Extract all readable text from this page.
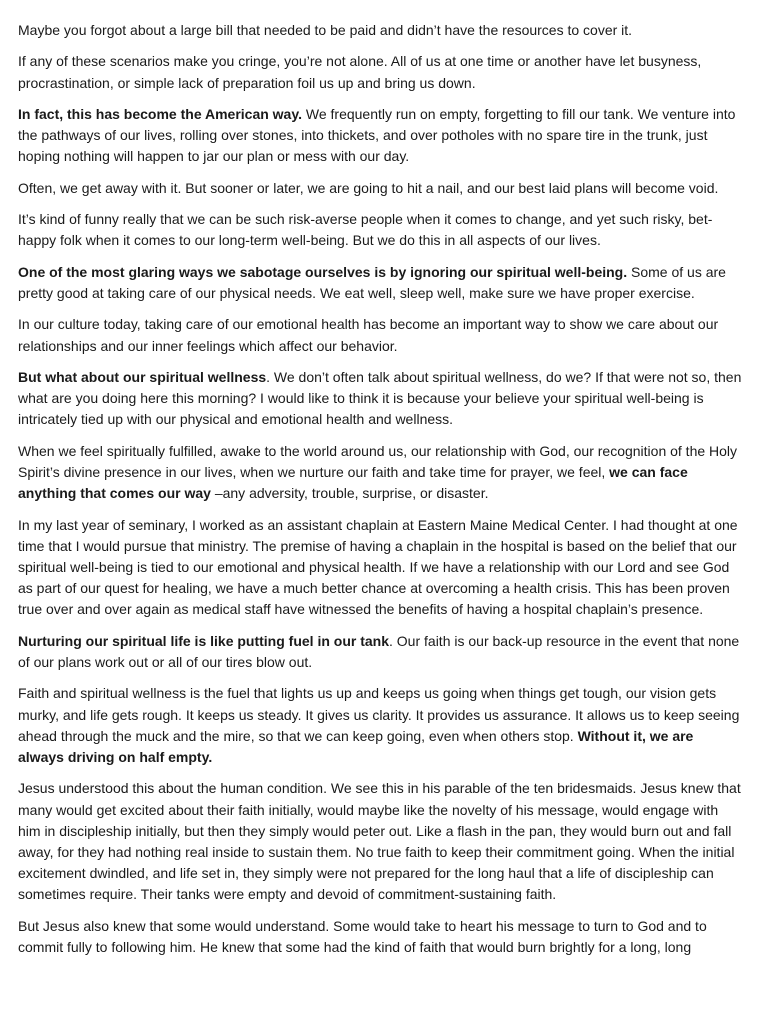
Maybe you forgot about a large bill that needed to be paid and didn’t have the resources to cover it.

If any of these scenarios make you cringe, you’re not alone. All of us at one time or another have let busyness, procrastination, or simple lack of preparation foil us up and bring us down.

In fact, this has become the American way. We frequently run on empty, forgetting to fill our tank. We venture into the pathways of our lives, rolling over stones, into thickets, and over potholes with no spare tire in the trunk, just hoping nothing will happen to jar our plan or mess with our day.

Often, we get away with it. But sooner or later, we are going to hit a nail, and our best laid plans will become void.

It’s kind of funny really that we can be such risk-averse people when it comes to change, and yet such risky, bet-happy folk when it comes to our long-term well-being. But we do this in all aspects of our lives.

One of the most glaring ways we sabotage ourselves is by ignoring our spiritual well-being. Some of us are pretty good at taking care of our physical needs. We eat well, sleep well, make sure we have proper exercise.

In our culture today, taking care of our emotional health has become an important way to show we care about our relationships and our inner feelings which affect our behavior.

But what about our spiritual wellness. We don’t often talk about spiritual wellness, do we? If that were not so, then what are you doing here this morning? I would like to think it is because your believe your spiritual well-being is intricately tied up with our physical and emotional health and wellness.

When we feel spiritually fulfilled, awake to the world around us, our relationship with God, our recognition of the Holy Spirit’s divine presence in our lives, when we nurture our faith and take time for prayer, we feel, we can face anything that comes our way –any adversity, trouble, surprise, or disaster.

In my last year of seminary, I worked as an assistant chaplain at Eastern Maine Medical Center. I had thought at one time that I would pursue that ministry. The premise of having a chaplain in the hospital is based on the belief that our spiritual well-being is tied to our emotional and physical health. If we have a relationship with our Lord and see God as part of our quest for healing, we have a much better chance at overcoming a health crisis. This has been proven true over and over again as medical staff have witnessed the benefits of having a hospital chaplain’s presence.

Nurturing our spiritual life is like putting fuel in our tank. Our faith is our back-up resource in the event that none of our plans work out or all of our tires blow out.

Faith and spiritual wellness is the fuel that lights us up and keeps us going when things get tough, our vision gets murky, and life gets rough. It keeps us steady. It gives us clarity. It provides us assurance. It allows us to keep seeing ahead through the muck and the mire, so that we can keep going, even when others stop. Without it, we are always driving on half empty.

Jesus understood this about the human condition. We see this in his parable of the ten bridesmaids. Jesus knew that many would get excited about their faith initially, would maybe like the novelty of his message, would engage with him in discipleship initially, but then they simply would peter out. Like a flash in the pan, they would burn out and fall away, for they had nothing real inside to sustain them. No true faith to keep their commitment going. When the initial excitement dwindled, and life set in, they simply were not prepared for the long haul that a life of discipleship can sometimes require. Their tanks were empty and devoid of commitment-sustaining faith.

But Jesus also knew that some would understand. Some would take to heart his message to turn to God and to commit fully to following him. He knew that some had the kind of faith that would burn brightly for a long, long
